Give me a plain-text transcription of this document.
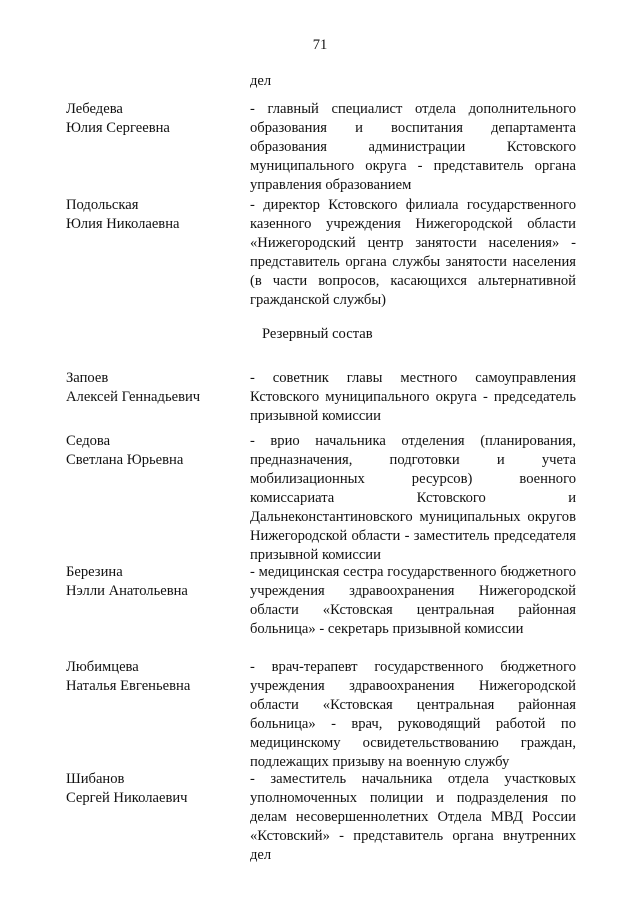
71
дел
Лебедева
Юлия Сергеевна
- главный специалист отдела дополнительного образования и воспитания департамента образования администрации Кстовского муниципального округа - представитель органа управления образованием
Подольская
Юлия Николаевна
- директор Кстовского филиала государственного казенного учреждения Нижегородской области «Нижегородский центр занятости населения» - представитель органа службы занятости населения (в части вопросов, касающихся альтернативной гражданской службы)
Резервный состав
Запоев
Алексей Геннадьевич
- советник главы местного самоуправления Кстовского муниципального округа - председатель призывной комиссии
Седова
Светлана Юрьевна
- врио начальника отделения (планирования, предназначения, подготовки и учета мобилизационных ресурсов) военного комиссариата Кстовского и Дальнеконстантиновского муниципальных округов Нижегородской области - заместитель председателя призывной комиссии
Березина
Нэлли Анатольевна
- медицинская сестра государственного бюджетного учреждения здравоохранения Нижегородской области «Кстовская центральная районная больница» - секретарь призывной комиссии
Любимцева
Наталья Евгеньевна
- врач-терапевт государственного бюджетного учреждения здравоохранения Нижегородской области «Кстовская центральная районная больница» - врач, руководящий работой по медицинскому освидетельствованию граждан, подлежащих призыву на военную службу
Шибанов
Сергей Николаевич
- заместитель начальника отдела участковых уполномоченных полиции и подразделения по делам несовершеннолетних Отдела МВД России «Кстовский» - представитель органа внутренних дел
